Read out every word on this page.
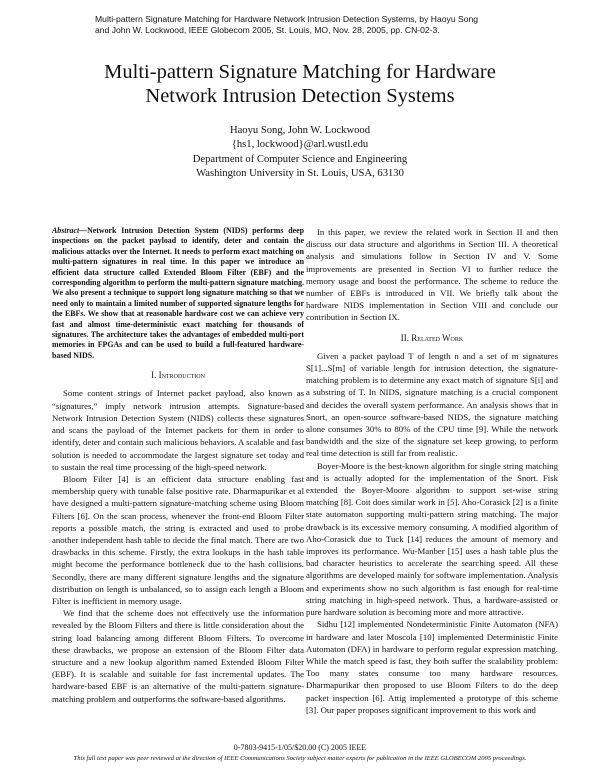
Multi-pattern Signature Matching for Hardware Network Intrusion Detection Systems, by Haoyu Song
and John W. Lockwood, IEEE Globecom 2005, St. Louis, MO, Nov. 28, 2005, pp. CN-02-3.
Multi-pattern Signature Matching for Hardware
Network Intrusion Detection Systems
Haoyu Song, John W. Lockwood
{hs1, lockwood}@arl.wustl.edu
Department of Computer Science and Engineering
Washington University in St. Louis, USA, 63130

Abstract—Network Intrusion Detection System (NIDS) performs deep inspections on the packet payload to identify, deter and contain the malicious attacks over the Internet. It needs to perform exact matching on multi-pattern signatures in real time. In this paper we introduce an efficient data structure called Extended Bloom Filter (EBF) and the corresponding algorithm to perform the multi-pattern signature matching. We also present a technique to support long signature matching so that we need only to maintain a limited number of supported signature lengths for the EBFs. We show that at reasonable hardware cost we can achieve very fast and almost time-deterministic exact matching for thousands of signatures. The architecture takes the advantages of embedded multi-port memories in FPGAs and can be used to build a full-featured hardware-based NIDS.

I. Introduction

Some content strings of Internet packet payload, also known as “signatures,” imply network intrusion attempts. Signature-based Network Intrusion Detection System (NIDS) collects these signatures and scans the payload of the Internet packets for them in order to identify, deter and contain such malicious behaviors. A scalable and fast solution is needed to accommodate the largest signature set today and to sustain the real time processing of the high-speed network.

Bloom Filter [4] is an efficient data structure enabling fast membership query with tunable false positive rate. Dharmapurikar et al have designed a multi-pattern signature-matching scheme using Bloom Filters [6]. On the scan process, whenever the front-end Bloom Filter reports a possible match, the string is extracted and used to probe another independent hash table to decide the final match. There are two drawbacks in this scheme. Firstly, the extra lookups in the hash table might become the performance bottleneck due to the hash collisions. Secondly, there are many different signature lengths and the signature distribution on length is unbalanced, so to assign each length a Bloom Filter is inefficient in memory usage.

We find that the scheme does not effectively use the information revealed by the Bloom Filters and there is little consideration about the string load balancing among different Bloom Filters. To overcome these drawbacks, we propose an extension of the Bloom Filter data structure and a new lookup algorithm named Extended Bloom Filter (EBF). It is scalable and suitable for fast incremental updates. The hardware-based EBF is an alternative of the multi-pattern signature-matching problem and outperforms the software-based algorithms.

In this paper, we review the related work in Section II and then discuss our data structure and algorithms in Section III. A theoretical analysis and simulations follow in Section IV and V. Some improvements are presented in Section VI to further reduce the memory usage and boost the performance. The scheme to reduce the number of EBFs is introduced in VII. We briefly talk about the hardware NIDS implementation in Section VIII and conclude our contribution in Section IX.

II. Related Work

Given a packet payload T of length n and a set of m signatures S[1]...S[m] of variable length for intrusion detection, the signature-matching problem is to determine any exact match of signature S[i] and a substring of T. In NIDS, signature matching is a crucial component and decides the overall system performance. An analysis shows that in Snort, an open-source software-based NIDS, the signature matching alone consumes 30% to 80% of the CPU time [9]. While the network bandwidth and the size of the signature set keep growing, to perform real time detection is still far from realistic.

Boyer-Moore is the best-known algorithm for single string matching and is actually adopted for the implementation of the Snort. Fisk extended the Boyer-Moore algorithm to support set-wise string matching [8]. Coit does similar work in [5]. Aho-Corasick [2] is a finite state automaton supporting multi-pattern string matching. The major drawback is its excessive memory consuming. A modified algorithm of Aho-Corasick due to Tuck [14] reduces the amount of memory and improves its performance. Wu-Manber [15] uses a hash table plus the bad character heuristics to accelerate the searching speed. All these algorithms are developed mainly for software implementation. Analysis and experiments show no such algorithm is fast enough for real-time string matching in high-speed network. Thus, a hardware-assisted or pure hardware solution is becoming more and more attractive.

Sidhu [12] implemented Nondeterministic Finite Automaton (NFA) in hardware and later Moscola [10] implemented Deterministic Finite Automaton (DFA) in hardware to perform regular expression matching. While the match speed is fast, they both suffer the scalability problem: Too many states consume too many hardware resources. Dharmapurikar then proposed to use Bloom Filters to do the deep packet inspection [6]. Attig implemented a prototype of this scheme [3]. Our paper proposes significant improvement to this work and

0-7803-9415-1/05/$20.00 (C) 2005 IEEE
This full text paper was peer reviewed at the direction of IEEE Communications Society subject matter experts for publication in the IEEE GLOBECOM 2005 proceedings.
